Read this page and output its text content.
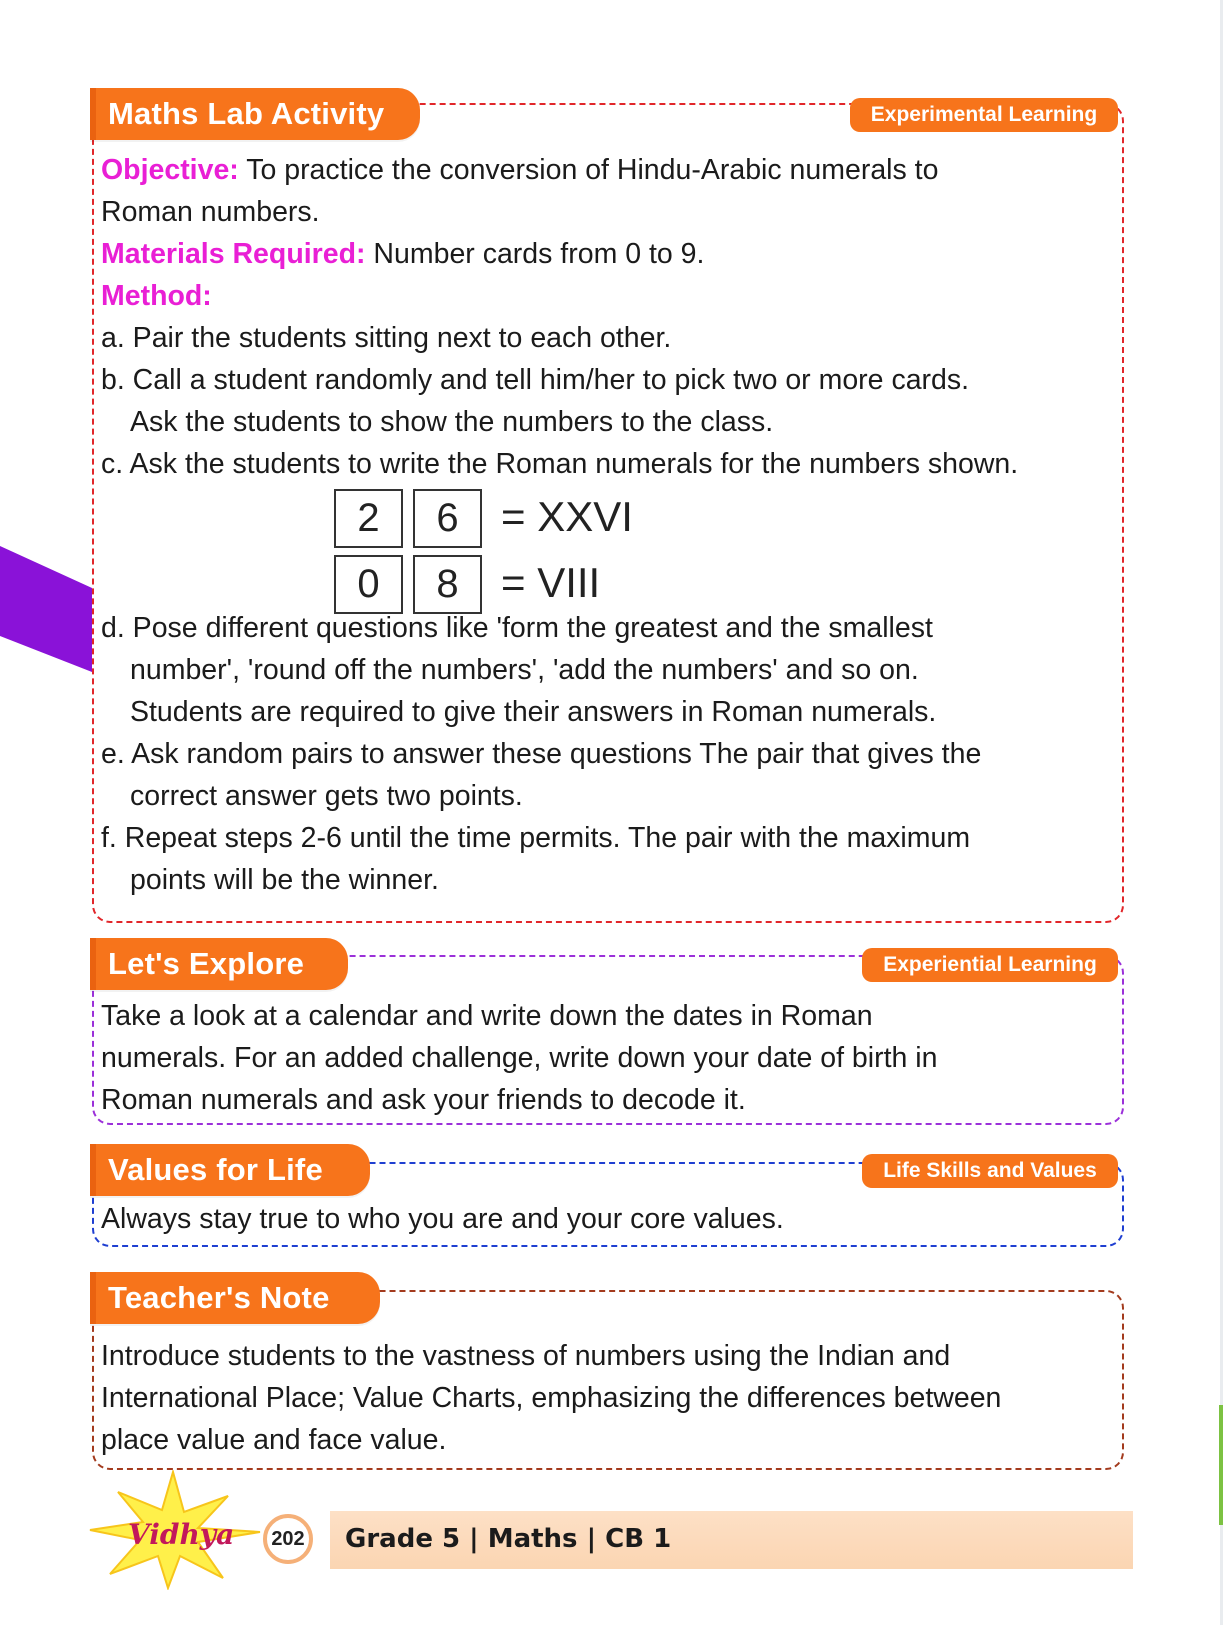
Maths Lab Activity	Experimental Learning

Objective: To practice the conversion of Hindu-Arabic numerals to

Roman numbers.

Materials Required: Number cards from 0 to 9.

Method:

a. Pair the students sitting next to each other.

b. Call a student randomly and tell him/her to pick two or more cards.

Ask the students to show the numbers to the class.

c. Ask the students to write the Roman numerals for the numbers shown.

2	6	= XXVI
0	8	= VIII

d. Pose different questions like 'form the greatest and the smallest

number', 'round off the numbers', 'add the numbers' and so on.

Students are required to give their answers in Roman numerals.

e. Ask random pairs to answer these questions The pair that gives the

correct answer gets two points.

f. Repeat steps 2-6 until the time permits. The pair with the maximum

points will be the winner.

Let's Explore	Experiential Learning

Take a look at a calendar and write down the dates in Roman

numerals. For an added challenge, write down your date of birth in

Roman numerals and ask your friends to decode it.

Values for Life	Life Skills and Values

Always stay true to who you are and your core values.

Teacher's Note

Introduce students to the vastness of numbers using the Indian and

International Place; Value Charts, emphasizing the differences between

place value and face value.

Vidhya	202	Grade 5 | Maths | CB 1
